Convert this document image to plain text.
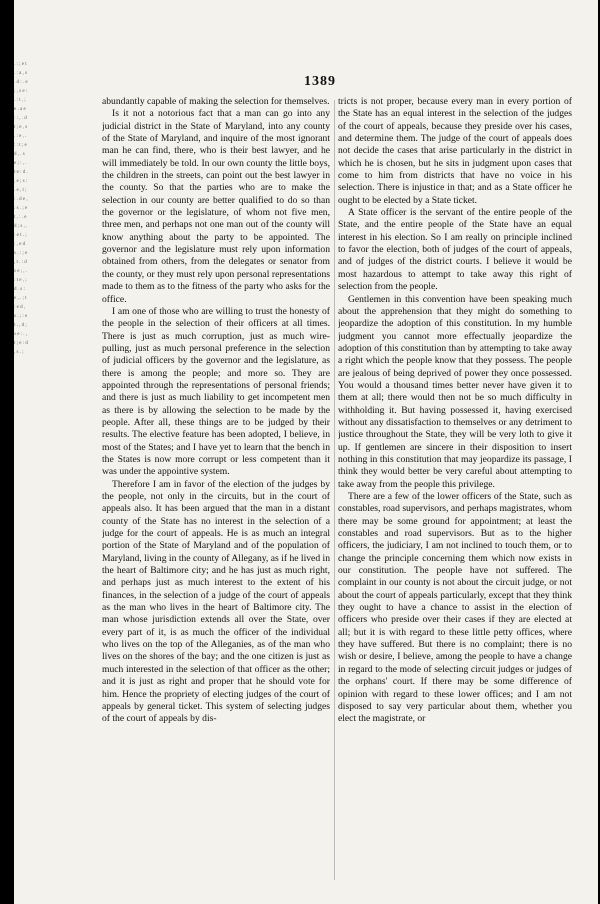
. : ; e t . : a , s . d : . e ; , s e : . : t , ; e . a e : : , . d t ; e , s . : e , . : : t ; e d , . s e ; : , . t e : d . , e ; s : . e , t ; : . d e , : s . ; e t , : . e d ; s , . : e t . ; : , e d s . : ; e , t . : d s e ; , . : t e , ; d . s : e , . ; t : e d , s . ; : e t . , d ; s e : . , t ; e : d , s . ;
1389

abundantly capable of making the selection for themselves.

Is it not a notorious fact that a man can go into any judicial district in the State of Maryland, into any county of the State of Maryland, and inquire of the most ignorant man he can find, there, who is their best lawyer, and he will immediately be told. In our own county the little boys, the children in the streets, can point out the best lawyer in the county. So that the parties who are to make the selection in our county are better qualified to do so than the governor or the legislature, of whom not five men, three men, and perhaps not one man out of the county will know anything about the party to be appointed. The governor and the legislature must rely upon information obtained from others, from the delegates or senator from the county, or they must rely upon personal representations made to them as to the fitness of the party who asks for the office.

I am one of those who are willing to trust the honesty of the people in the selection of their officers at all times. There is just as much corruption, just as much wire-pulling, just as much personal preference in the selection of judicial officers by the governor and the legislature, as there is among the people; and more so. They are appointed through the representations of personal friends; and there is just as much liability to get incompetent men as there is by allowing the selection to be made by the people. After all, these things are to be judged by their results. The elective feature has been adopted, I believe, in most of the States; and I have yet to learn that the bench in the States is now more corrupt or less competent than it was under the appointive system.

Therefore I am in favor of the election of the judges by the people, not only in the circuits, but in the court of appeals also. It has been argued that the man in a distant county of the State has no interest in the selection of a judge for the court of appeals. He is as much an integral portion of the State of Maryland and of the population of Maryland, living in the county of Allegany, as if he lived in the heart of Baltimore city; and he has just as much right, and perhaps just as much interest to the extent of his finances, in the selection of a judge of the court of appeals as the man who lives in the heart of Baltimore city. The man whose jurisdiction extends all over the State, over every part of it, is as much the officer of the individual who lives on the top of the Alleganies, as of the man who lives on the shores of the bay; and the one citizen is just as much interested in the selection of that officer as the other; and it is just as right and proper that he should vote for him. Hence the propriety of electing judges of the court of appeals by general ticket. This system of selecting judges of the court of appeals by dis-

tricts is not proper, because every man in every portion of the State has an equal interest in the selection of the judges of the court of appeals, because they preside over his cases, and determine them. The judge of the court of appeals does not decide the cases that arise particularly in the district in which he is chosen, but he sits in judgment upon cases that come to him from districts that have no voice in his selection. There is injustice in that; and as a State officer he ought to be elected by a State ticket.

A State officer is the servant of the entire people of the State, and the entire people of the State have an equal interest in his election. So I am really on principle inclined to favor the election, both of judges of the court of appeals, and of judges of the district courts. I believe it would be most hazardous to attempt to take away this right of selection from the people.

Gentlemen in this convention have been speaking much about the apprehension that they might do something to jeopardize the adoption of this constitution. In my humble judgment you cannot more effectually jeopardize the adoption of this constitution than by attempting to take away a right which the people know that they possess. The people are jealous of being deprived of power they once possessed. You would a thousand times better never have given it to them at all; there would then not be so much difficulty in withholding it. But having possessed it, having exercised without any dissatisfaction to themselves or any detriment to justice throughout the State, they will be very loth to give it up. If gentlemen are sincere in their disposition to insert nothing in this constitution that may jeopardize its passage, I think they would better be very careful about attempting to take away from the people this privilege.

There are a few of the lower officers of the State, such as constables, road supervisors, and perhaps magistrates, whom there may be some ground for appointment; at least the constables and road supervisors. But as to the higher officers, the judiciary, I am not inclined to touch them, or to change the principle concerning them which now exists in our constitution. The people have not suffered. The complaint in our county is not about the circuit judge, or not about the court of appeals particularly, except that they think they ought to have a chance to assist in the election of officers who preside over their cases if they are elected at all; but it is with regard to these little petty offices, where they have suffered. But there is no complaint; there is no wish or desire, I believe, among the people to have a change in regard to the mode of selecting circuit judges or judges of the orphans' court. If there may be some difference of opinion with regard to these lower offices; and I am not disposed to say very particular about them, whether you elect the magistrate, or
